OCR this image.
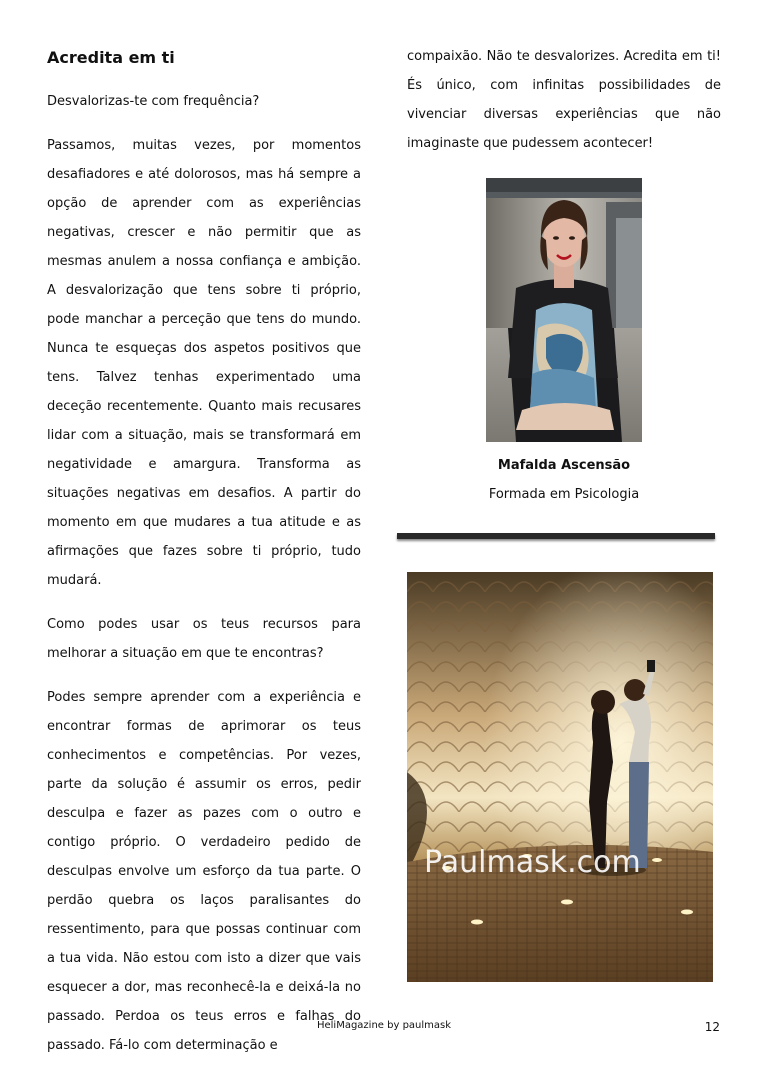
Acredita em ti

Desvalorizas-te com frequência?

Passamos, muitas vezes, por momentos desafiadores e até dolorosos, mas há sempre a opção de aprender com as experiências negativas, crescer e não permitir que as mesmas anulem a nossa confiança e ambição. A desvalorização que tens sobre ti próprio, pode manchar a perceção que tens do mundo. Nunca te esqueças dos aspetos positivos que tens. Talvez tenhas experimentado uma deceção recentemente. Quanto mais recusares lidar com a situação, mais se transformará em negatividade e amargura. Transforma as situações negativas em desafios. A partir do momento em que mudares a tua atitude e as afirmações que fazes sobre ti próprio, tudo mudará.

Como podes usar os teus recursos para melhorar a situação em que te encontras?

Podes sempre aprender com a experiência e encontrar formas de aprimorar os teus conhecimentos e competências. Por vezes, parte da solução é assumir os erros, pedir desculpa e fazer as pazes com o outro e contigo próprio. O verdadeiro pedido de desculpas envolve um esforço da tua parte. O perdão quebra os laços paralisantes do ressentimento, para que possas continuar com a tua vida. Não estou com isto a dizer que vais esquecer a dor, mas reconhecê-la e deixá-la no passado. Perdoa os teus erros e falhas do passado. Fá-lo com determinação e

compaixão. Não te desvalorizes. Acredita em ti! És único, com infinitas possibilidades de vivenciar diversas experiências que não imaginaste que pudessem acontecer!

Mafalda Ascensão
Formada em Psicologia
Paulmask.com
HeliMagazine by paulmask	12
